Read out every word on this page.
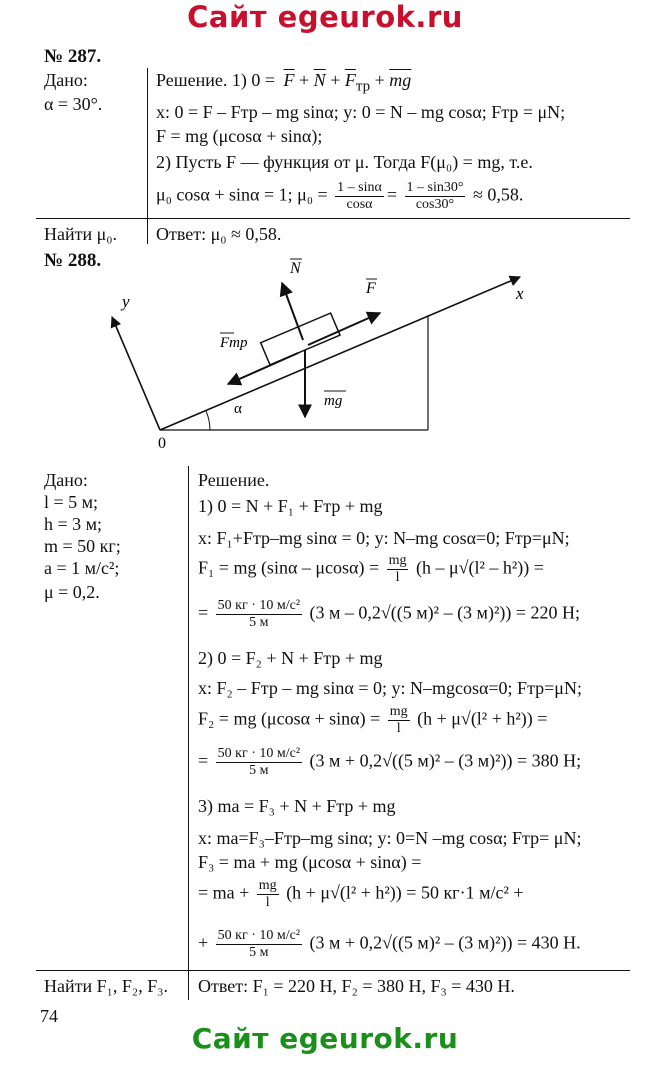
Сайт egeurok.ru
№ 287.
Дано:
α = 30°.
Решение. 1) $0 = \overline{F} + \overline{N} + \overline{F}_{тр} + \overline{mg}$
x: 0 = F – Fтр – mg sinα; y: 0 = N – mg cosα; Fтр = μN;
F = mg (μcosα + sinα);
2) Пусть F — функция от μ. Тогда F(μ₀) = mg, т.е.
μ₀ cosα + sinα = 1; $\mu_0 = \frac{1 - \sin\alpha}{\cos\alpha} = \frac{1 - \sin 30^\circ}{\cos 30^\circ} \approx 0,58$.
Найти μ₀. Ответ: μ₀ ≈ 0,58.
№ 288.	N
F
Fтр
mg
x
y
α
0
Дано:
l = 5 м;
h = 3 м;
m = 50 кг;
a = 1 м/с²;
μ = 0,2.
Решение.
1) 0 = N + F₁ + Fтр + mg
x: F₁+Fтр–mg sinα = 0; y: N–mg cosα=0; Fтр=μN;
F₁ = mg $(\sin\alpha - \mu\cos\alpha) = \frac{mg}{l} (h - \mu√(l^2 - h^2))$ =
= $\frac{\text{50 кг · 10 м/с²}}{5 м} (3$ м – 0,2√((5 м)² – (3 м)²)) = 220 Н;
2) 0 = F₂ + N + Fтр + mg
x: F₂ – Fтр – mg sinα = 0; y: N–mgcosα=0; Fтр=μN;
F₂ = mg $(\mu\cos\alpha + \sin\alpha) = \frac{mg}{l} (h + \mu√(l^2 + h^2))$ =
= $\frac{\text{50 кг · 10 м/с²}}{5 м} (3$ м + 0,2√((5 м)² – (3 м)²)) = 380 Н;
3) ma = F₃ + N + Fтр + mg
x: ma=F₃–Fтр–mg sinα; y: 0=N –mg cosα; Fтр= μN;
F₃ = ma + mg (μcosα + sinα) =
= ma + $\frac{mg}{l} (h + \mu√(l^2 + h^2)) = 50$ кг·1 м/с² +
+ $\frac{\text{50 кг · 10 м/с²}}{5 м} (3$ м + 0,2√((5 м)² – (3 м)²)) = 430 Н.
Найти F₁, F₂, F₃. Ответ: F₁ = 220 Н, F₂ = 380 Н, F₃ = 430 Н.
74
Сайт egeurok.ru
